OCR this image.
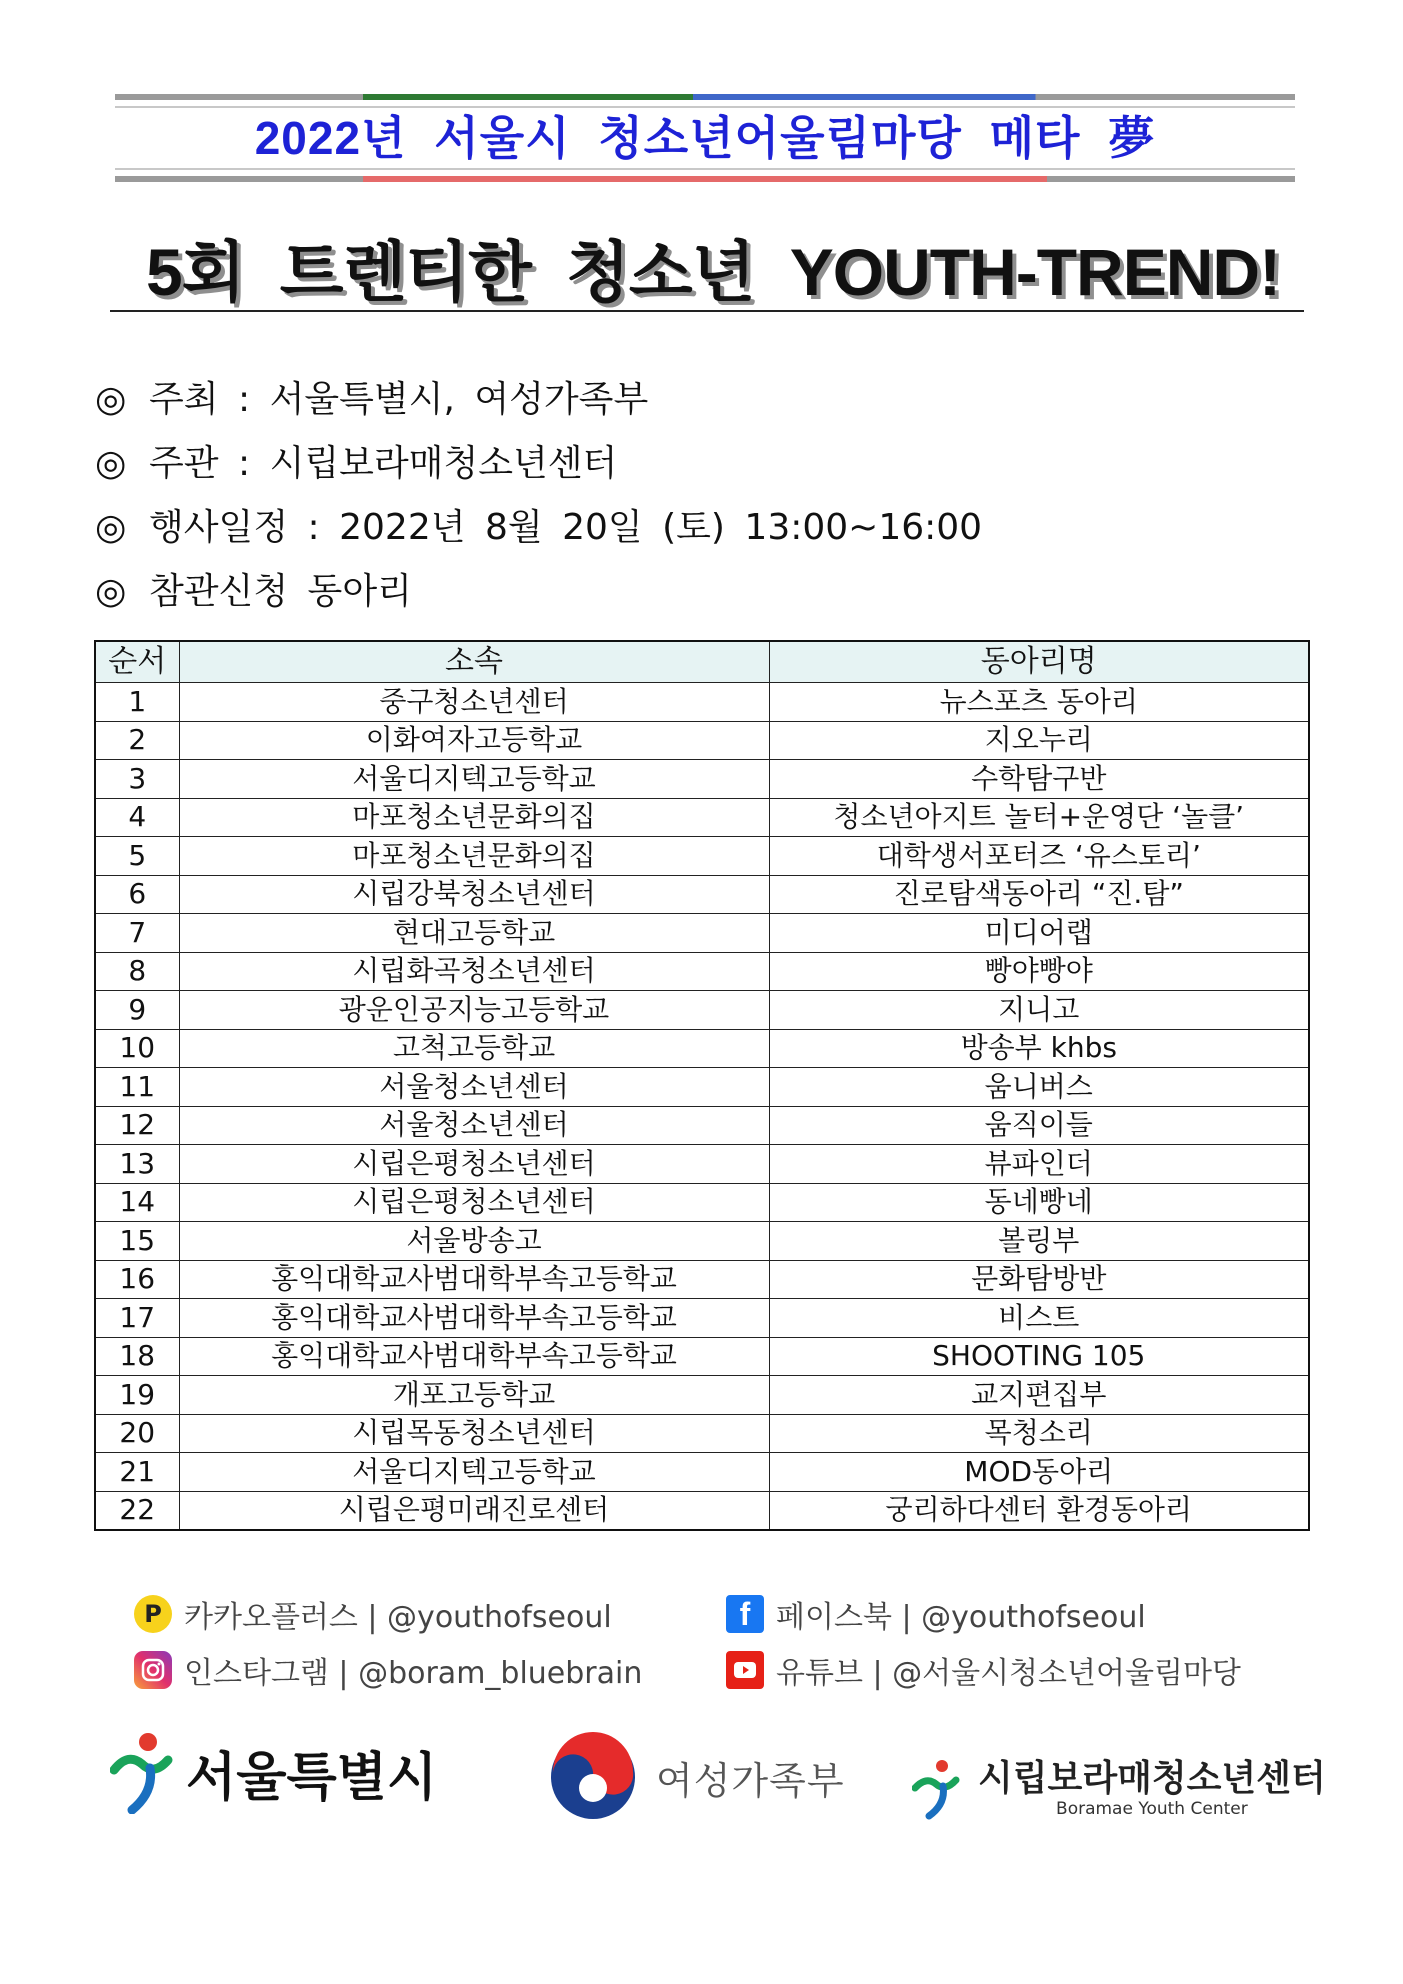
2022년 서울시 청소년어울림마당 메타 夢
5회 트렌티한 청소년 YOUTH-TREND!
◎ 주최 : 서울특별시, 여성가족부
◎ 주관 : 시립보라매청소년센터
◎ 행사일정 : 2022년 8월 20일 (토) 13:00~16:00
◎ 참관신청 동아리
순서	소속	동아리명
1	중구청소년센터	뉴스포츠 동아리
2	이화여자고등학교	지오누리
3	서울디지텍고등학교	수학탐구반
4	마포청소년문화의집	청소년아지트 놀터+운영단 ‘놀클’
5	마포청소년문화의집	대학생서포터즈 ‘유스토리’
6	시립강북청소년센터	진로탐색동아리 “진.탐”
7	현대고등학교	미디어랩
8	시립화곡청소년센터	빵야빵야
9	광운인공지능고등학교	지니고
10	고척고등학교	방송부 khbs
11	서울청소년센터	움니버스
12	서울청소년센터	움직이들
13	시립은평청소년센터	뷰파인더
14	시립은평청소년센터	동네빵네
15	서울방송고	볼링부
16	홍익대학교사범대학부속고등학교	문화탐방반
17	홍익대학교사범대학부속고등학교	비스트
18	홍익대학교사범대학부속고등학교	SHOOTING 105
19	개포고등학교	교지편집부
20	시립목동청소년센터	목청소리
21	서울디지텍고등학교	MOD동아리
22	시립은평미래진로센터	궁리하다센터 환경동아리
P 카카오플러스 | @youthofseoul	f 페이스북 | @youthofseoul
인스타그램 | @boram_bluebrain	유튜브 | @서울시청소년어울림마당
서울특별시	여성가족부	시립보라매청소년센터
Boramae Youth Center
